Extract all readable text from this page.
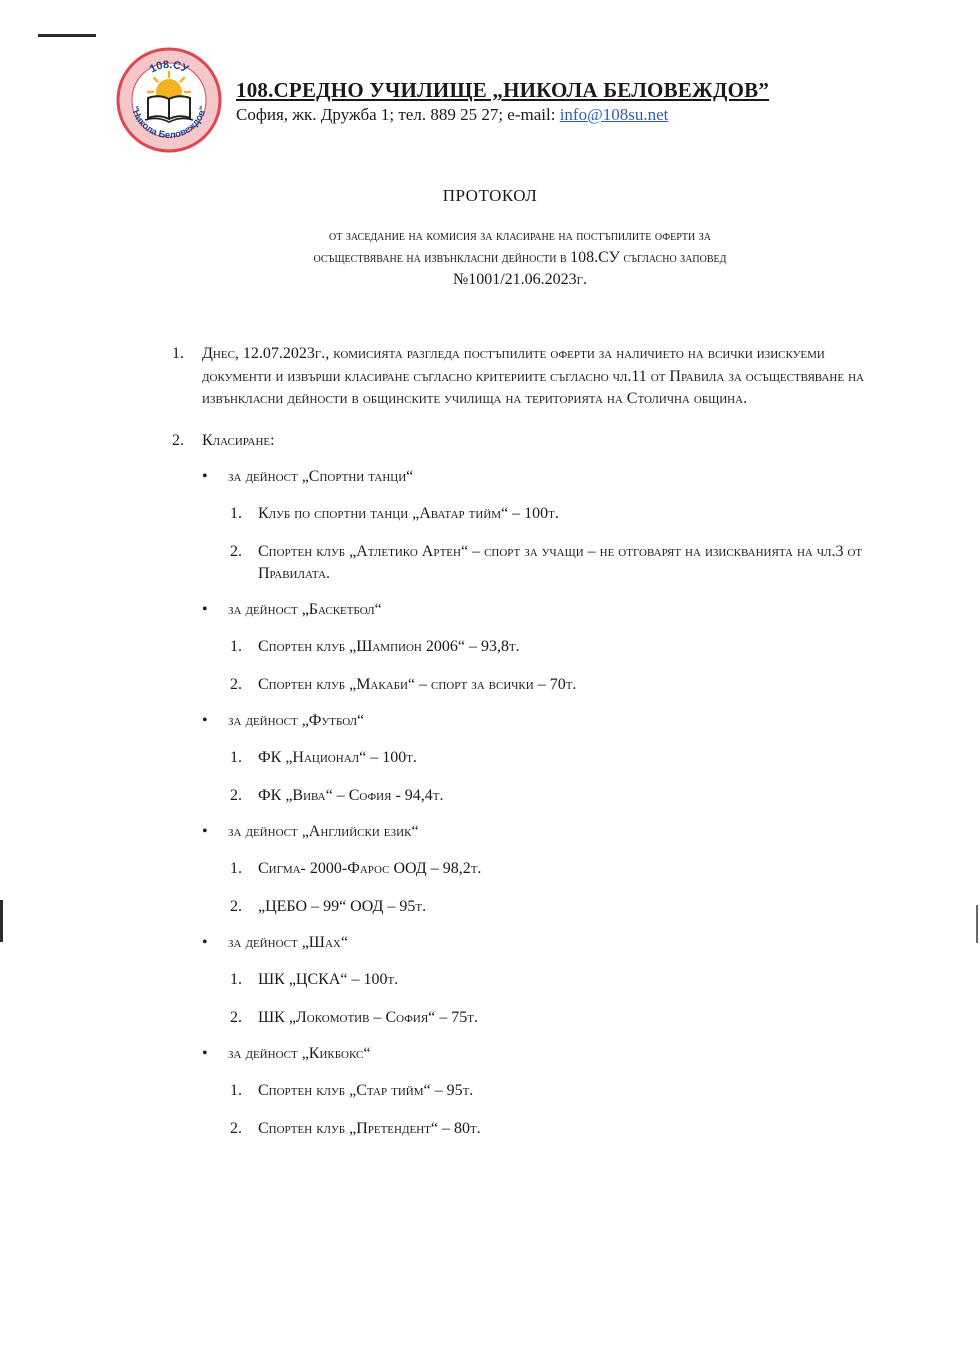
108.СУ
"Никола Беловеждов"
108.СРЕДНО УЧИЛИЩЕ „НИКОЛА БЕЛОВЕЖДОВ”
София, жк. Дружба 1; тел. 889 25 27; e-mail: info@108su.net
ПРОТОКОЛ
от заседание на комисия за класиране на постъпилите оферти за
осъществяване на извънкласни дейности в 108.СУ съгласно заповед
№1001/21.06.2023г.
1. Днес, 12.07.2023г., комисията разгледа постъпилите оферти за наличието на всички изискуеми документи и извърши класиране съгласно критериите съгласно чл.11 от Правила за осъществяване на извънкласни дейности в общинските училища на територията на Столична община.
2. Класиране:
• за дейност „Спортни танци“
1. Клуб по спортни танци „Аватар тийм“ – 100т.
2. Спортен клуб „Атлетико Артен“ – спорт за учащи – не отговарят на изискванията на чл.3 от Правилата.
• за дейност „Баскетбол“
1. Спортен клуб „Шампион 2006“ – 93,8т.
2. Спортен клуб „Макаби“ – спорт за всички – 70т.
• за дейност „Футбол“
1. ФК „Национал“ – 100т.
2. ФК „Вива“ – София - 94,4т.
• за дейност „Английски език“
1. Сигма- 2000-Фарос ООД – 98,2т.
2. „ЦЕБО – 99“ ООД – 95т.
• за дейност „Шах“
1. ШК „ЦСКА“ – 100т.
2. ШК „Локомотив – София“ – 75т.
• за дейност „Кикбокс“
1. Спортен клуб „Стар тийм“ – 95т.
2. Спортен клуб „Претендент“ – 80т.
